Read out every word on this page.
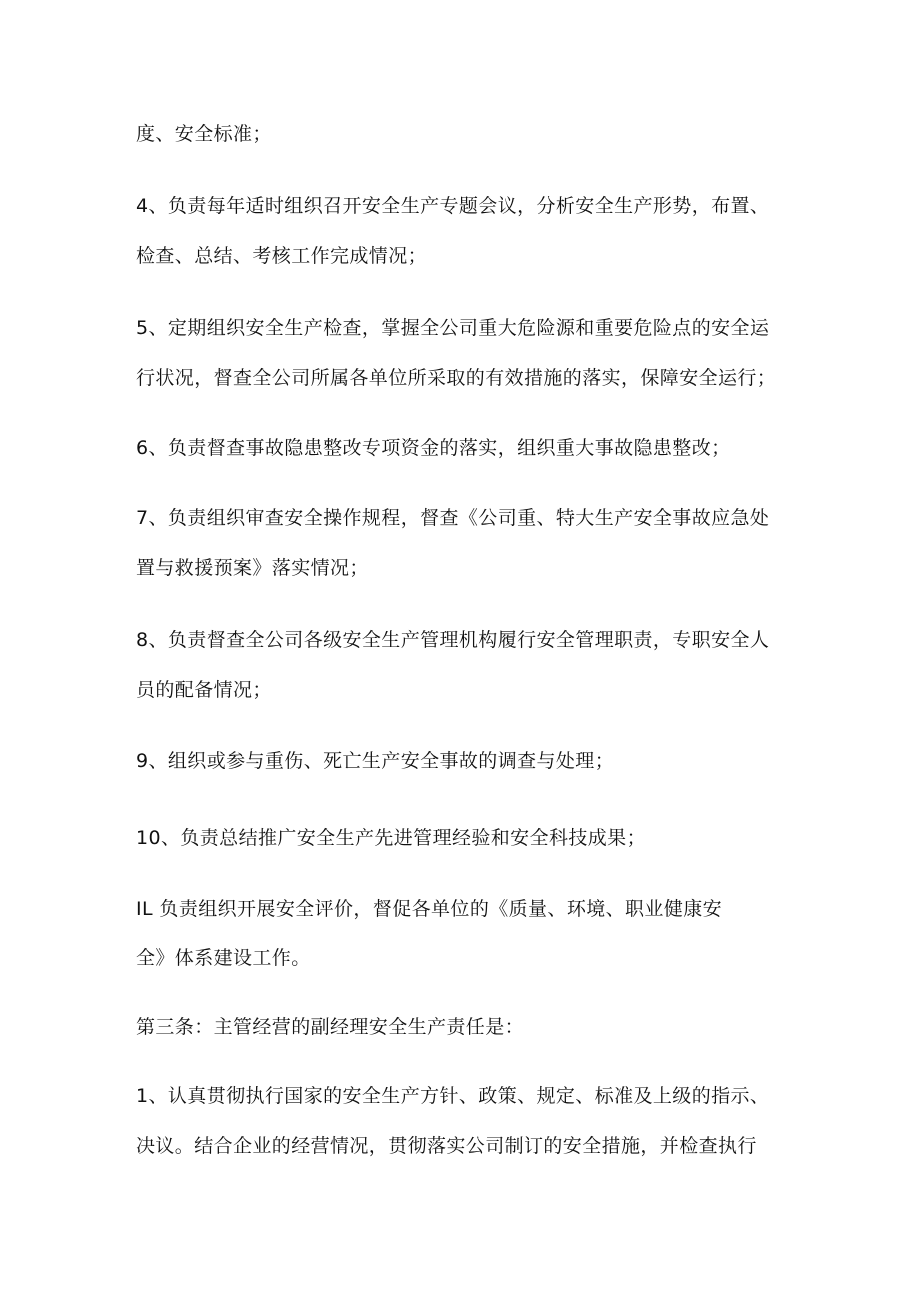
度、安全标准；
4、负责每年适时组织召开安全生产专题会议，分析安全生产形势，布置、
检查、总结、考核工作完成情况；
5、定期组织安全生产检查，掌握全公司重大危险源和重要危险点的安全运
行状况，督查全公司所属各单位所采取的有效措施的落实，保障安全运行；
6、负责督查事故隐患整改专项资金的落实，组织重大事故隐患整改；
7、负责组织审查安全操作规程，督查《公司重、特大生产安全事故应急处
置与救援预案》落实情况；
8、负责督查全公司各级安全生产管理机构履行安全管理职责，专职安全人
员的配备情况；
9、组织或参与重伤、死亡生产安全事故的调查与处理；
10、负责总结推广安全生产先进管理经验和安全科技成果；
IL 负责组织开展安全评价，督促各单位的《质量、环境、职业健康安
全》体系建设工作。
第三条：主管经营的副经理安全生产责任是：
1、认真贯彻执行国家的安全生产方针、政策、规定、标准及上级的指示、
决议。结合企业的经营情况，贯彻落实公司制订的安全措施，并检查执行
